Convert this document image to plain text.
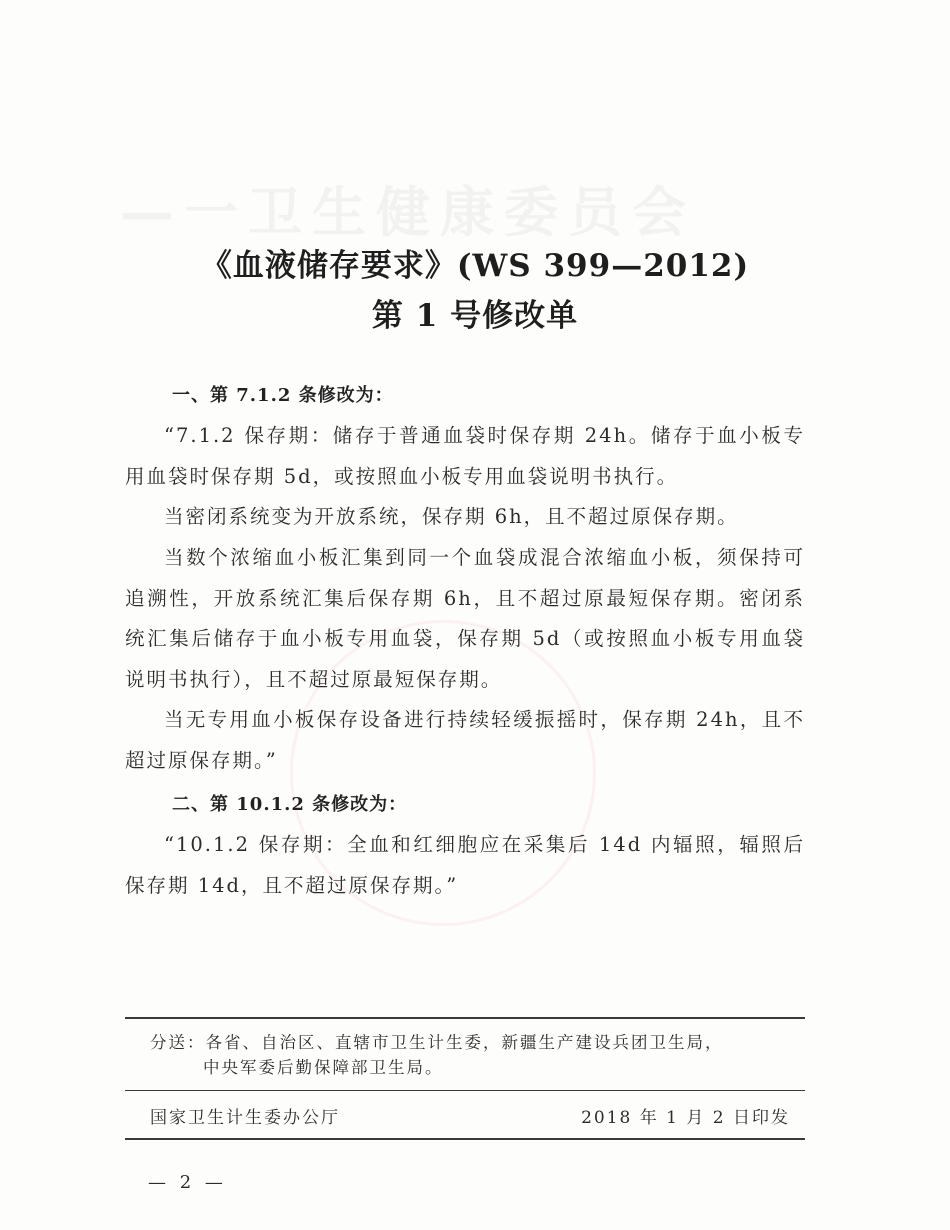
—一卫生健康委员会
《血液储存要求》(WS 399—2012)
第 1 号修改单
一、第 7.1.2 条修改为：
“7.1.2 保存期：储存于普通血袋时保存期 24h。储存于血小板专用血袋时保存期 5d，或按照血小板专用血袋说明书执行。
当密闭系统变为开放系统，保存期 6h，且不超过原保存期。
当数个浓缩血小板汇集到同一个血袋成混合浓缩血小板，须保持可追溯性，开放系统汇集后保存期 6h，且不超过原最短保存期。密闭系统汇集后储存于血小板专用血袋，保存期 5d（或按照血小板专用血袋说明书执行），且不超过原最短保存期。
当无专用血小板保存设备进行持续轻缓振摇时，保存期 24h，且不超过原保存期。”
二、第 10.1.2 条修改为：
“10.1.2 保存期：全血和红细胞应在采集后 14d 内辐照，辐照后保存期 14d，且不超过原保存期。”
分送：各省、自治区、直辖市卫生计生委，新疆生产建设兵团卫生局，
中央军委后勤保障部卫生局。
国家卫生计生委办公厅	2018 年 1 月 2 日印发
— 2 —
